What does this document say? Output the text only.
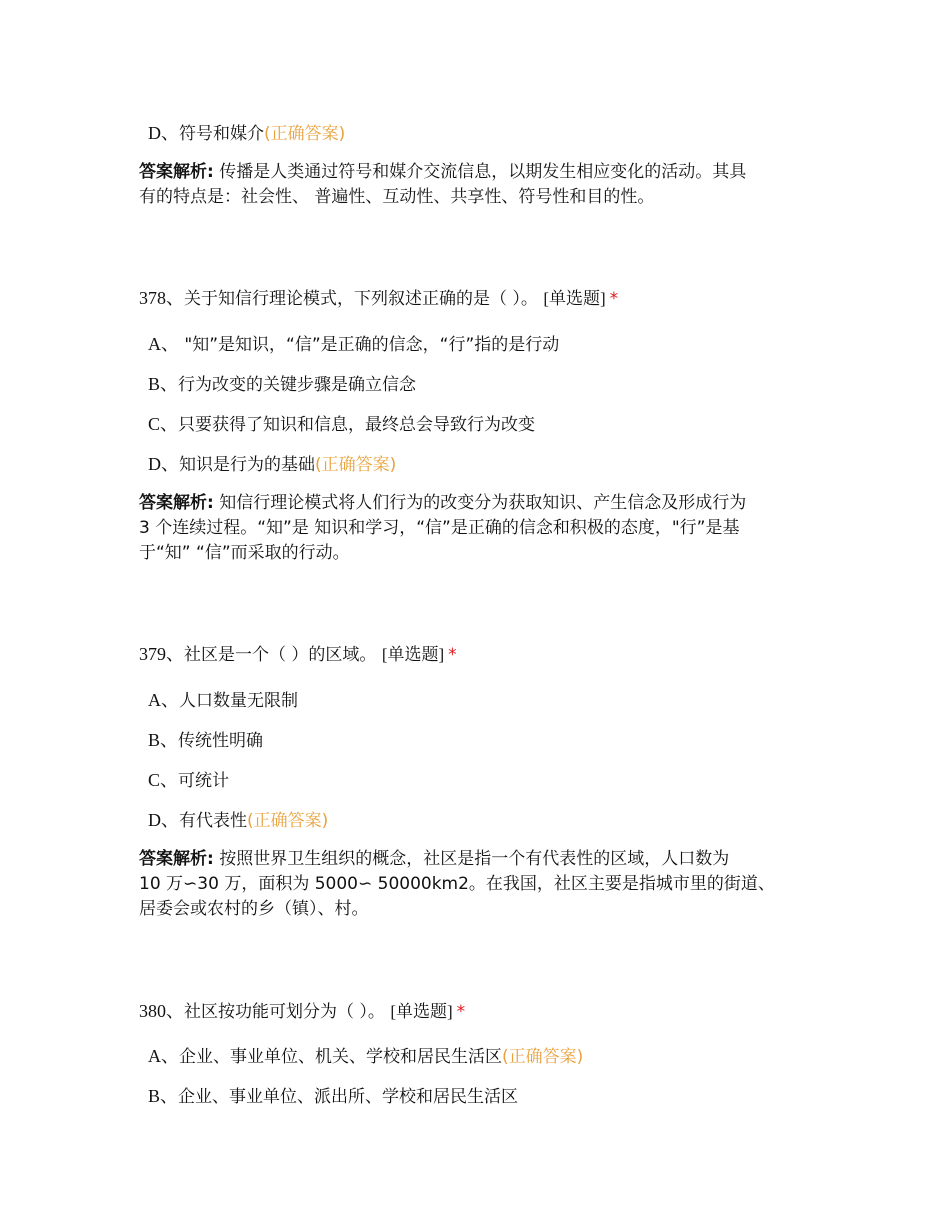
D、符号和媒介(正确答案)
答案解析: 传播是人类通过符号和媒介交流信息，以期发生相应变化的活动。其具
有的特点是：社会性、 普遍性、互动性、共享性、符号性和目的性。
378、关于知信行理论模式，下列叙述正确的是（ ）。 [单选题] *
A、 "知”是知识，“信”是正确的信念，“行”指的是行动
B、行为改变的关键步骤是确立信念
C、只要获得了知识和信息，最终总会导致行为改变
D、知识是行为的基础(正确答案)
答案解析: 知信行理论模式将人们行为的改变分为获取知识、产生信念及形成行为
3 个连续过程。“知”是 知识和学习，“信”是正确的信念和积极的态度，"行”是基
于“知” “信”而采取的行动。
379、社区是一个（ ）的区域。 [单选题] *
A、人口数量无限制
B、传统性明确
C、可统计
D、有代表性(正确答案)
答案解析: 按照世界卫生组织的概念，社区是指一个有代表性的区域，人口数为
10 万∽30 万，面积为 5000∽ 50000km2。在我国，社区主要是指城市里的街道、
居委会或农村的乡（镇）、村。
380、社区按功能可划分为（ ）。 [单选题] *
A、企业、事业单位、机关、学校和居民生活区(正确答案)
B、企业、事业单位、派出所、学校和居民生活区
